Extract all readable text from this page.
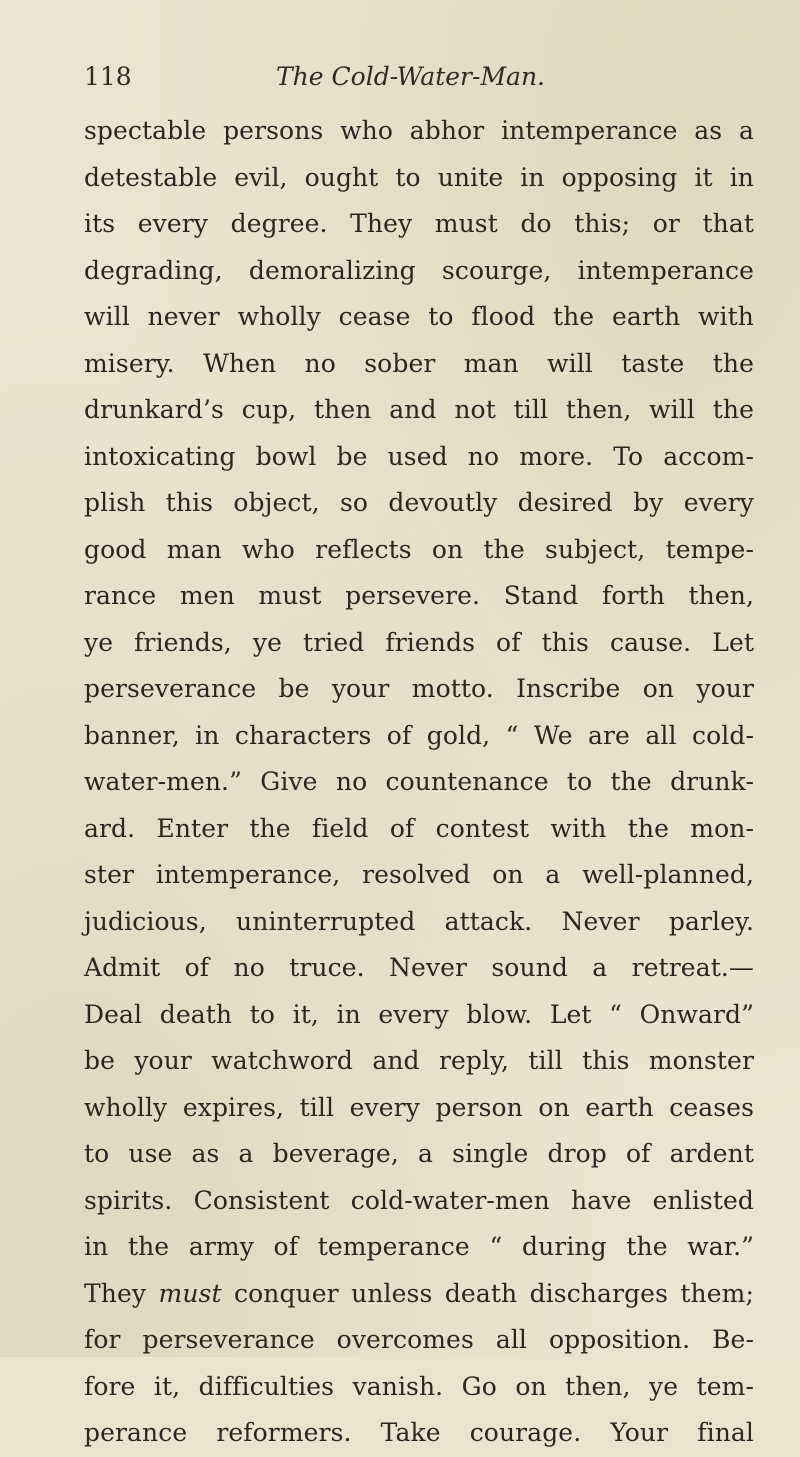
118	The Cold-Water-Man.
spectable persons who abhor intemperance as a
detestable evil, ought to unite in opposing it in
its every degree. They must do this; or that
degrading, demoralizing scourge, intemperance
will never wholly cease to flood the earth with
misery. When no sober man will taste the
drunkard’s cup, then and not till then, will the
intoxicating bowl be used no more. To accom-
plish this object, so devoutly desired by every
good man who reflects on the subject, tempe-
rance men must persevere. Stand forth then,
ye friends, ye tried friends of this cause. Let
perseverance be your motto. Inscribe on your
banner, in characters of gold, “ We are all cold-
water-men.” Give no countenance to the drunk-
ard. Enter the field of contest with the mon-
ster intemperance, resolved on a well-planned,
judicious, uninterrupted attack. Never parley.
Admit of no truce. Never sound a retreat.—
Deal death to it, in every blow. Let “ Onward”
be your watchword and reply, till this monster
wholly expires, till every person on earth ceases
to use as a beverage, a single drop of ardent
spirits. Consistent cold-water-men have enlisted
in the army of temperance “ during the war.”
They must conquer unless death discharges them;
for perseverance overcomes all opposition. Be-
fore it, difficulties vanish. Go on then, ye tem-
perance reformers. Take courage. Your final
